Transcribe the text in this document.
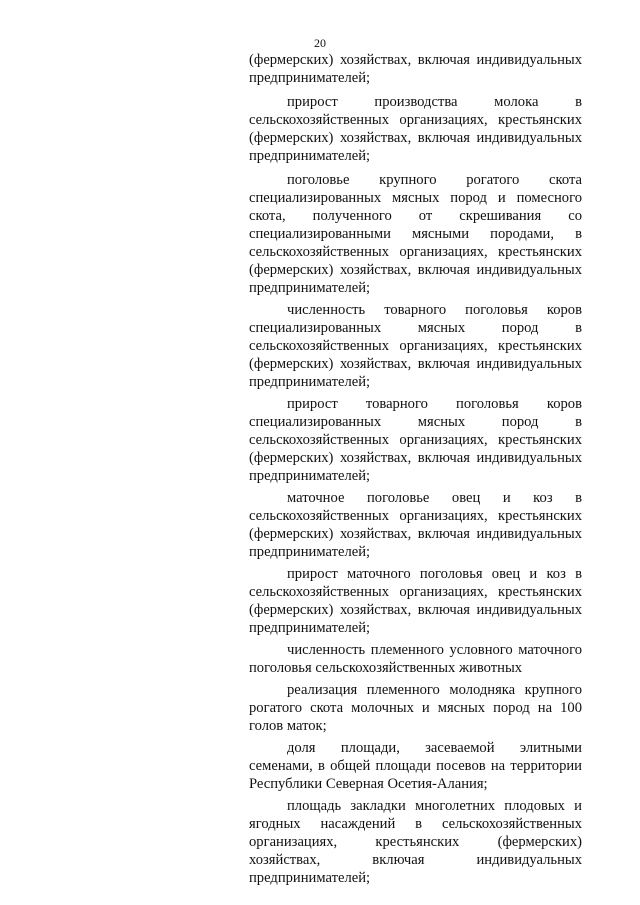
20

(фермерских) хозяйствах, включая индивидуальных предпринимателей;

прирост производства молока в сельскохозяйственных организациях, крестьянских (фермерских) хозяйствах, включая индивидуальных предпринимателей;

поголовье крупного рогатого скота специализированных мясных пород и помесного скота, полученного от скрешивания со специализированными мясными породами, в сельскохозяйственных организациях, крестьянских (фермерских) хозяйствах, включая индивидуальных предпринимателей;

численность товарного поголовья коров специализированных мясных пород в сельскохозяйственных организациях, крестьянских (фермерских) хозяйствах, включая индивидуальных предпринимателей;

прирост товарного поголовья коров специализированных мясных пород в сельскохозяйственных организациях, крестьянских (фермерских) хозяйствах, включая индивидуальных предпринимателей;

маточное поголовье овец и коз в сельскохозяйственных организациях, крестьянских (фермерских) хозяйствах, включая индивидуальных предпринимателей;

прирост маточного поголовья овец и коз в сельскохозяйственных организациях, крестьянских (фермерских) хозяйствах, включая индивидуальных предпринимателей;

численность племенного условного маточного поголовья сельскохозяйственных животных

реализация племенного молодняка крупного рогатого скота молочных и мясных пород на 100 голов маток;

доля площади, засеваемой элитными семенами, в общей площади посевов на территории Республики Северная Осетия-Алания;

площадь закладки многолетних плодовых и ягодных насаждений в сельскохозяйственных организациях, крестьянских (фермерских) хозяйствах, включая индивидуальных предпринимателей;
